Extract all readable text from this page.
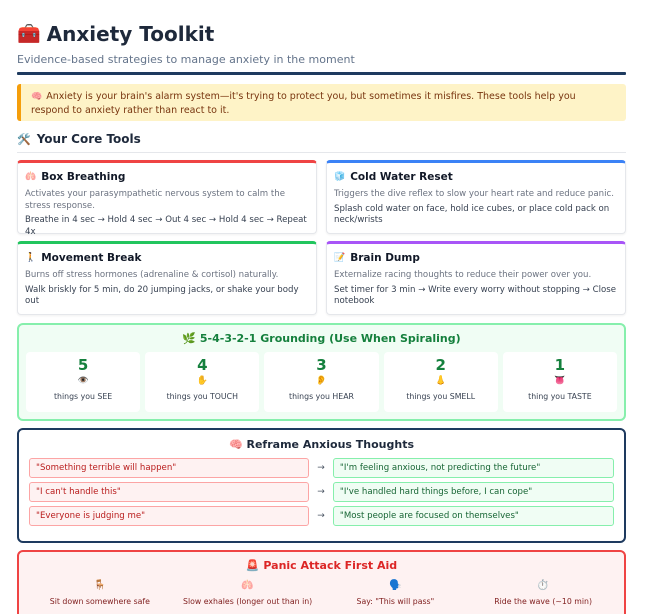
🧰 Anxiety Toolkit
Evidence-based strategies to manage anxiety in the moment
🧠 Anxiety is your brain's alarm system—it's trying to protect you, but sometimes it misfires. These tools help you respond to anxiety rather than react to it.
🛠️ Your Core Tools
🫁 Box Breathing
Activates your parasympathetic nervous system to calm the stress response.
Breathe in 4 sec → Hold 4 sec → Out 4 sec → Hold 4 sec → Repeat 4x
🧊 Cold Water Reset
Triggers the dive reflex to slow your heart rate and reduce panic.
Splash cold water on face, hold ice cubes, or place cold pack on neck/wrists
🚶 Movement Break
Burns off stress hormones (adrenaline & cortisol) naturally.
Walk briskly for 5 min, do 20 jumping jacks, or shake your body out
📝 Brain Dump
Externalize racing thoughts to reduce their power over you.
Set timer for 3 min → Write every worry without stopping → Close notebook
🌿 5-4-3-2-1 Grounding (Use When Spiraling)
5
👁️
things you SEE
4
✋
things you TOUCH
3
👂
things you HEAR
2
👃
things you SMELL
1
👅
thing you TASTE
🧠 Reframe Anxious Thoughts
"Something terrible will happen"	→	"I'm feeling anxious, not predicting the future"
"I can't handle this"	→	"I've handled hard things before, I can cope"
"Everyone is judging me"	→	"Most people are focused on themselves"
🚨 Panic Attack First Aid
🪑
Sit down somewhere safe
🫁
Slow exhales (longer out than in)
🗣️
Say: "This will pass"
⏱️
Ride the wave (~10 min)
